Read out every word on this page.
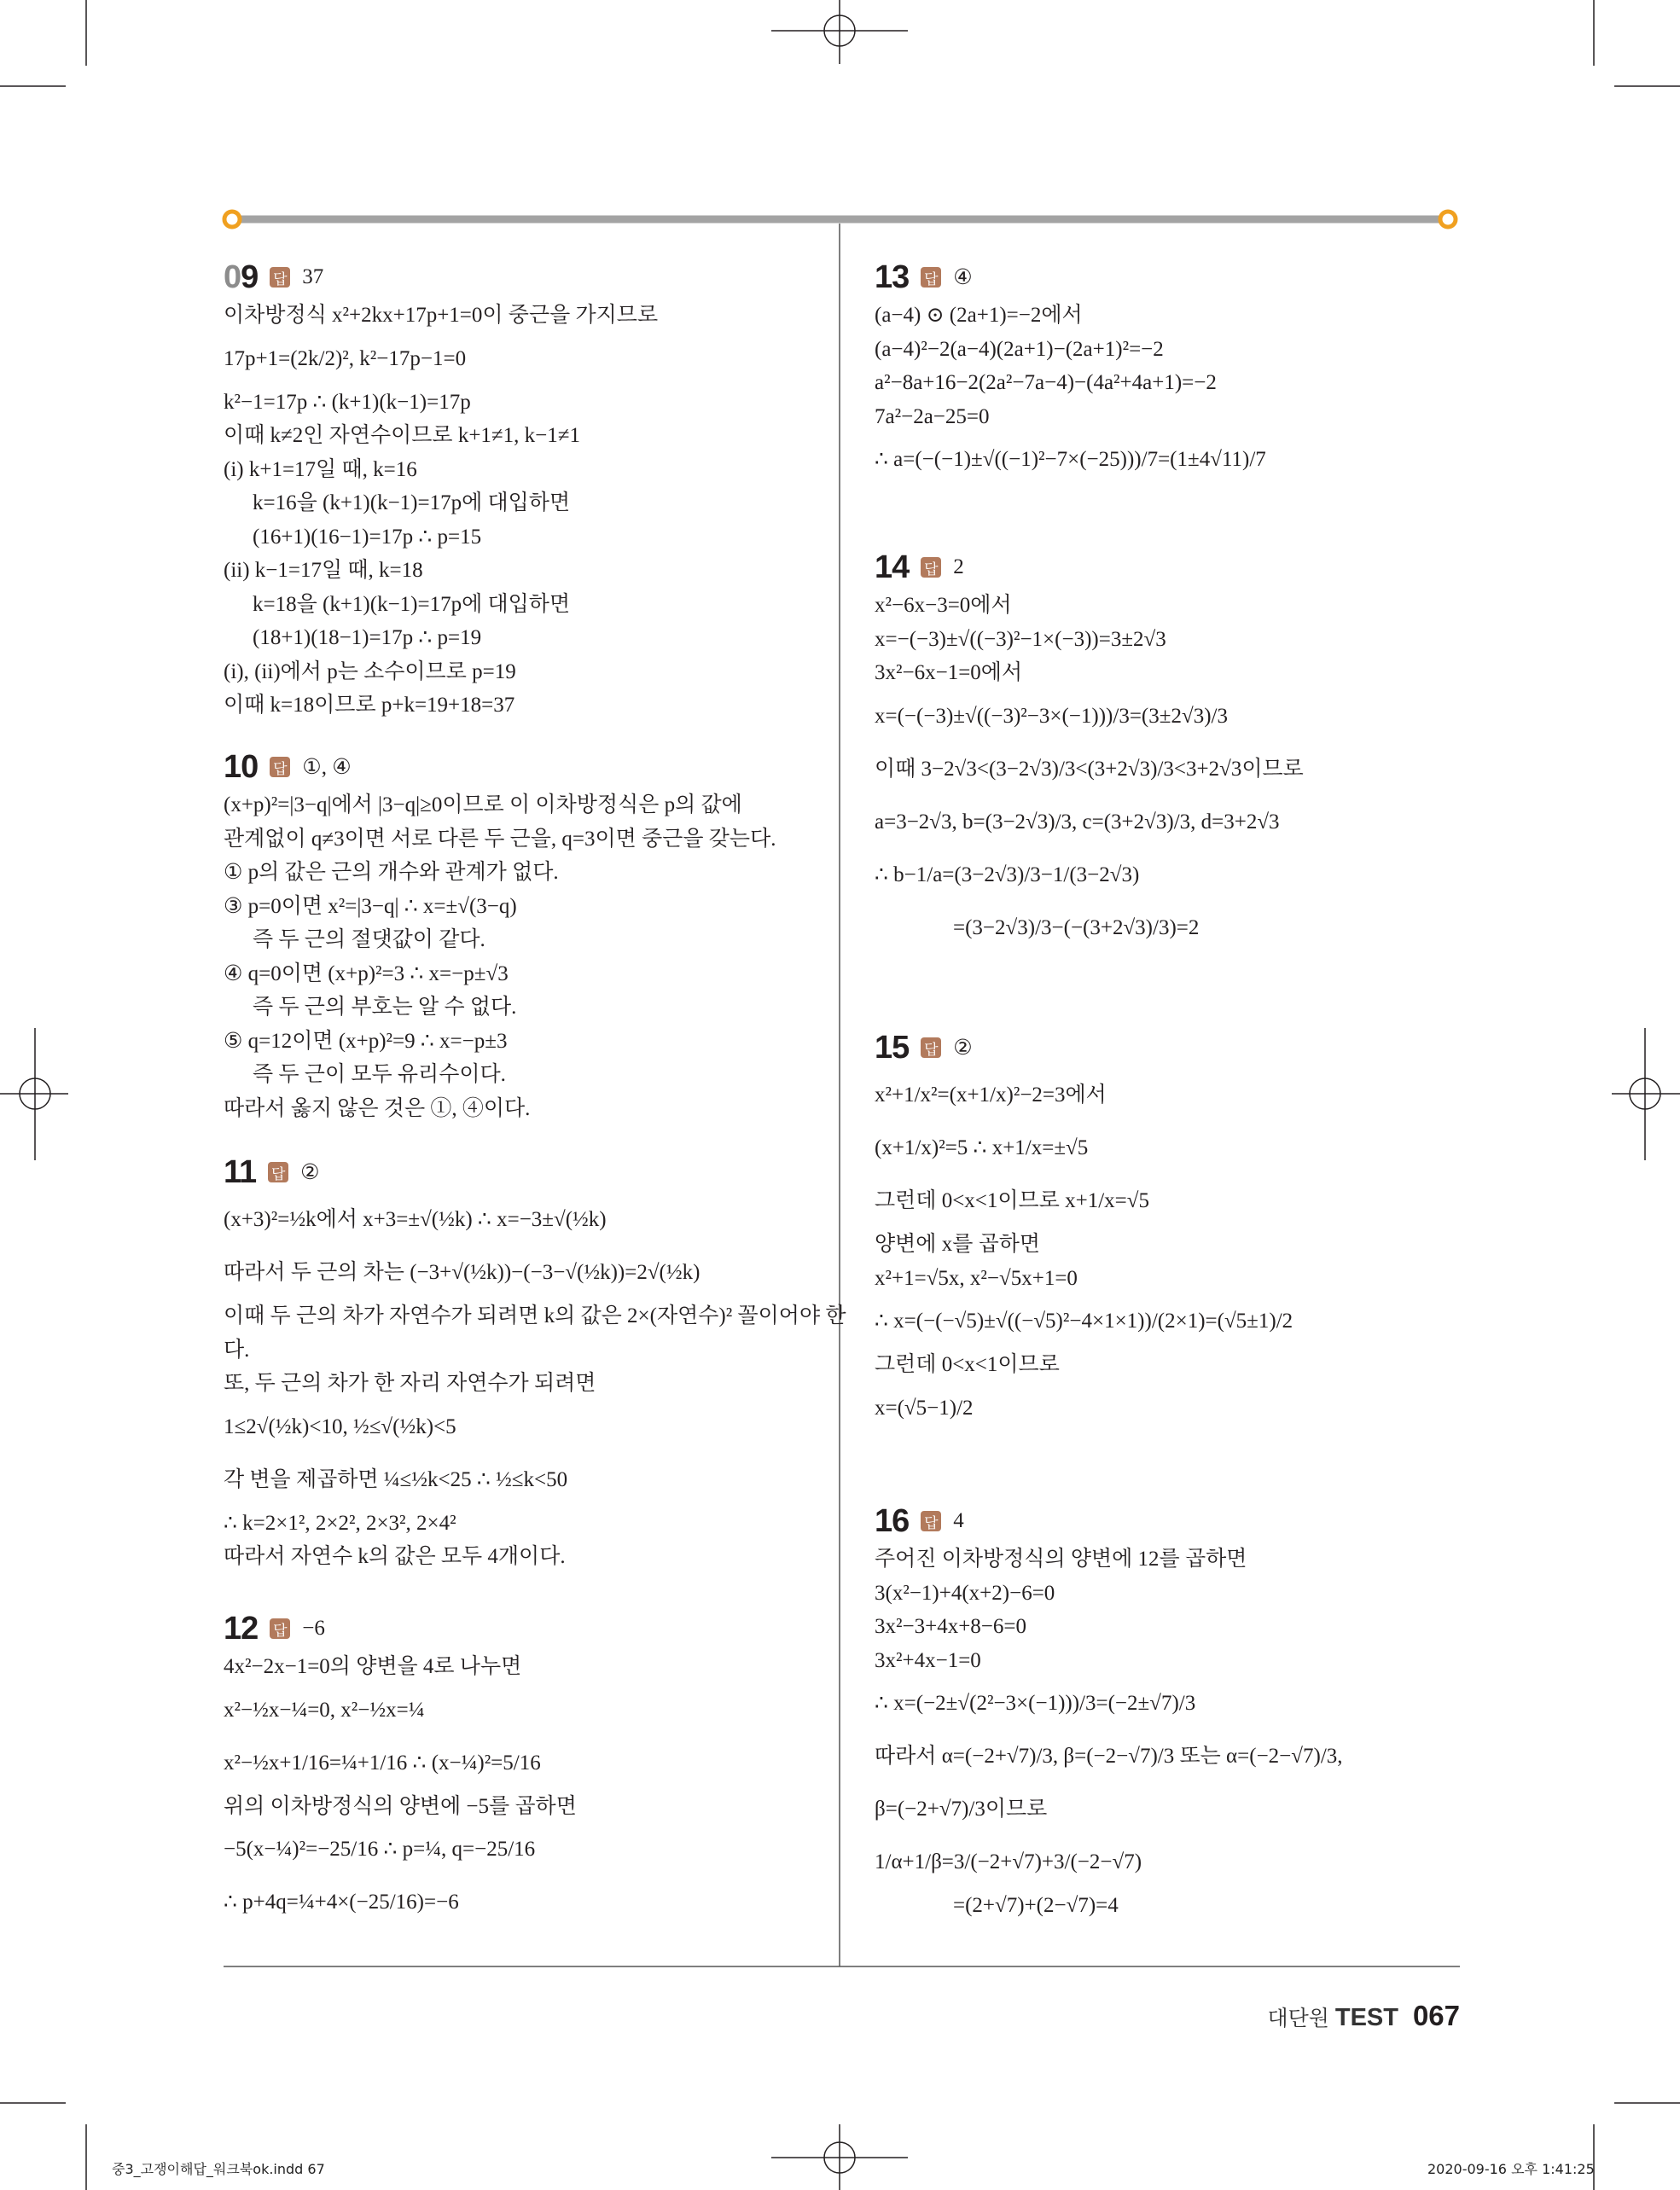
09 답 37
이차방정식 x²+2kx+17p+1=0이 중근을 가지므로
17p+1=(2k/2)², k²−17p−1=0
k²−1=17p ∴ (k+1)(k−1)=17p
이때 k≠2인 자연수이므로 k+1≠1, k−1≠1
(i) k+1=17일 때, k=16
k=16을 (k+1)(k−1)=17p에 대입하면
(16+1)(16−1)=17p ∴ p=15
(ii) k−1=17일 때, k=18
k=18을 (k+1)(k−1)=17p에 대입하면
(18+1)(18−1)=17p ∴ p=19
(i), (ii)에서 p는 소수이므로 p=19
이때 k=18이므로 p+k=19+18=37
10 답 ①, ④
(x+p)²=|3−q|에서 |3−q|≥0이므로 이 이차방정식은 p의 값에
관계없이 q≠3이면 서로 다른 두 근을, q=3이면 중근을 갖는다.
① p의 값은 근의 개수와 관계가 없다.
③ p=0이면 x²=|3−q| ∴ x=±√(3−q)
즉 두 근의 절댓값이 같다.
④ q=0이면 (x+p)²=3 ∴ x=−p±√3
즉 두 근의 부호는 알 수 없다.
⑤ q=12이면 (x+p)²=9 ∴ x=−p±3
즉 두 근이 모두 유리수이다.
따라서 옳지 않은 것은 ①, ④이다.
11 답 ②
(x+3)²=½k에서 x+3=±√(½k) ∴ x=−3±√(½k)
따라서 두 근의 차는 (−3+√(½k))−(−3−√(½k))=2√(½k)
이때 두 근의 차가 자연수가 되려면 k의 값은 2×(자연수)² 꼴이어야 한
다.
또, 두 근의 차가 한 자리 자연수가 되려면
1≤2√(½k)<10, ½≤√(½k)<5
각 변을 제곱하면 ¼≤½k<25 ∴ ½≤k<50
∴ k=2×1², 2×2², 2×3², 2×4²
따라서 자연수 k의 값은 모두 4개이다.
12 답 −6
4x²−2x−1=0의 양변을 4로 나누면
x²−½x−¼=0, x²−½x=¼
x²−½x+1/16=¼+1/16 ∴ (x−¼)²=5/16
위의 이차방정식의 양변에 −5를 곱하면
−5(x−¼)²=−25/16 ∴ p=¼, q=−25/16
∴ p+4q=¼+4×(−25/16)=−6
13 답 ④
(a−4) ⊙ (2a+1)=−2에서
(a−4)²−2(a−4)(2a+1)−(2a+1)²=−2
a²−8a+16−2(2a²−7a−4)−(4a²+4a+1)=−2
7a²−2a−25=0
∴ a=(−(−1)±√((−1)²−7×(−25)))/7=(1±4√11)/7
14 답 2
x²−6x−3=0에서
x=−(−3)±√((−3)²−1×(−3))=3±2√3
3x²−6x−1=0에서
x=(−(−3)±√((−3)²−3×(−1)))/3=(3±2√3)/3
이때 3−2√3<(3−2√3)/3<(3+2√3)/3<3+2√3이므로
a=3−2√3, b=(3−2√3)/3, c=(3+2√3)/3, d=3+2√3
∴ b−1/a=(3−2√3)/3−1/(3−2√3)
=(3−2√3)/3−(−(3+2√3)/3)=2
15 답 ②
x²+1/x²=(x+1/x)²−2=3에서
(x+1/x)²=5 ∴ x+1/x=±√5
그런데 0<x<1이므로 x+1/x=√5
양변에 x를 곱하면
x²+1=√5x, x²−√5x+1=0
∴ x=(−(−√5)±√((−√5)²−4×1×1))/(2×1)=(√5±1)/2
그런데 0<x<1이므로
x=(√5−1)/2
16 답 4
주어진 이차방정식의 양변에 12를 곱하면
3(x²−1)+4(x+2)−6=0
3x²−3+4x+8−6=0
3x²+4x−1=0
∴ x=(−2±√(2²−3×(−1)))/3=(−2±√7)/3
따라서 α=(−2+√7)/3, β=(−2−√7)/3 또는 α=(−2−√7)/3,
β=(−2+√7)/3이므로
1/α+1/β=3/(−2+√7)+3/(−2−√7)
=(2+√7)+(2−√7)=4
대단원 TEST 067
중3_고쟁이해답_워크북ok.indd 67	2020-09-16 오후 1:41:25
